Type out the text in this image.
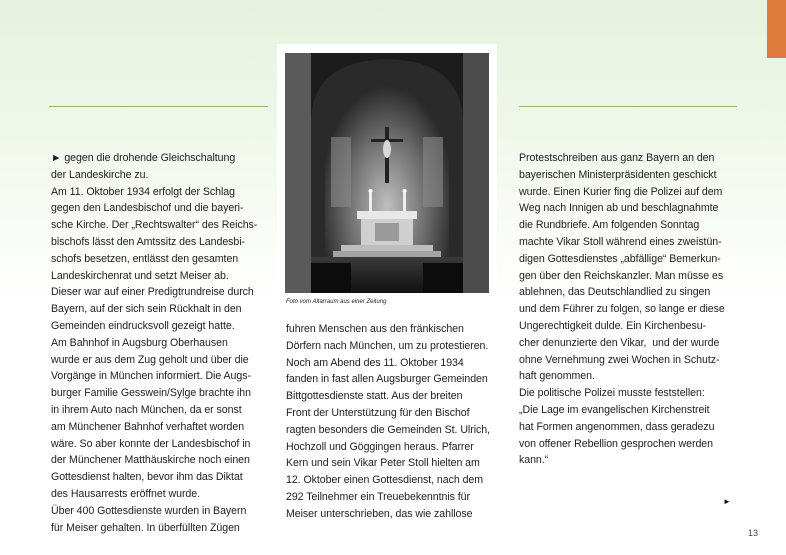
► gegen die drohende Gleichschaltung
der Landeskirche zu.
Am 11. Oktober 1934 erfolgt der Schlag
gegen den Landesbischof und die bayeri-
sche Kirche. Der „Rechtswalter“ des Reichs-
bischofs lässt den Amtssitz des Landesbi-
schofs besetzen, entlässt den gesamten
Landeskirchenrat und setzt Meiser ab.
Dieser war auf einer Predigtrundreise durch
Bayern, auf der sich sein Rückhalt in den
Gemeinden eindrucksvoll gezeigt hatte.
Am Bahnhof in Augsburg Oberhausen
wurde er aus dem Zug geholt und über die
Vorgänge in München informiert. Die Augs-
burger Familie Gesswein/Sylge brachte ihn
in ihrem Auto nach München, da er sonst
am Münchener Bahnhof verhaftet worden
wäre. So aber konnte der Landesbischof in
der Münchener Matthäuskirche noch einen
Gottesdienst halten, bevor ihm das Diktat
des Hausarrests eröffnet wurde.
Über 400 Gottesdienste wurden in Bayern
für Meiser gehalten. In überfüllten Zügen
fuhren Menschen aus den fränkischen
Dörfern nach München, um zu protestieren.
Noch am Abend des 11. Oktober 1934
fanden in fast allen Augsburger Gemeinden
Bittgottesdienste statt. Aus der breiten
Front der Unterstützung für den Bischof
ragten besonders die Gemeinden St. Ulrich,
Hochzoll und Göggingen heraus. Pfarrer
Kern und sein Vikar Peter Stoll hielten am
12. Oktober einen Gottesdienst, nach dem
292 Teilnehmer ein Treuebekenntnis für
Meiser unterschrieben, das wie zahllose
Protestschreiben aus ganz Bayern an den
bayerischen Ministerpräsidenten geschickt
wurde. Einen Kurier fing die Polizei auf dem
Weg nach Innigen ab und beschlagnahmte
die Rundbriefe. Am folgenden Sonntag
machte Vikar Stoll während eines zweistün-
digen Gottesdienstes „abfällige“ Bemerkun-
gen über den Reichskanzler. Man müsse es
ablehnen, das Deutschlandlied zu singen
und dem Führer zu folgen, so lange er diese
Ungerechtigkeit dulde. Ein Kirchenbesu-
cher denunzierte den Vikar,  und der wurde
ohne Vernehmung zwei Wochen in Schutz-
haft genommen.
Die politische Polizei musste feststellen:
„Die Lage im evangelischen Kirchenstreit
hat Formen angenommen, dass geradezu
von offener Rebellion gesprochen werden
kann.“
Foto vom Altarraum aus einer Zeitung
►
13
